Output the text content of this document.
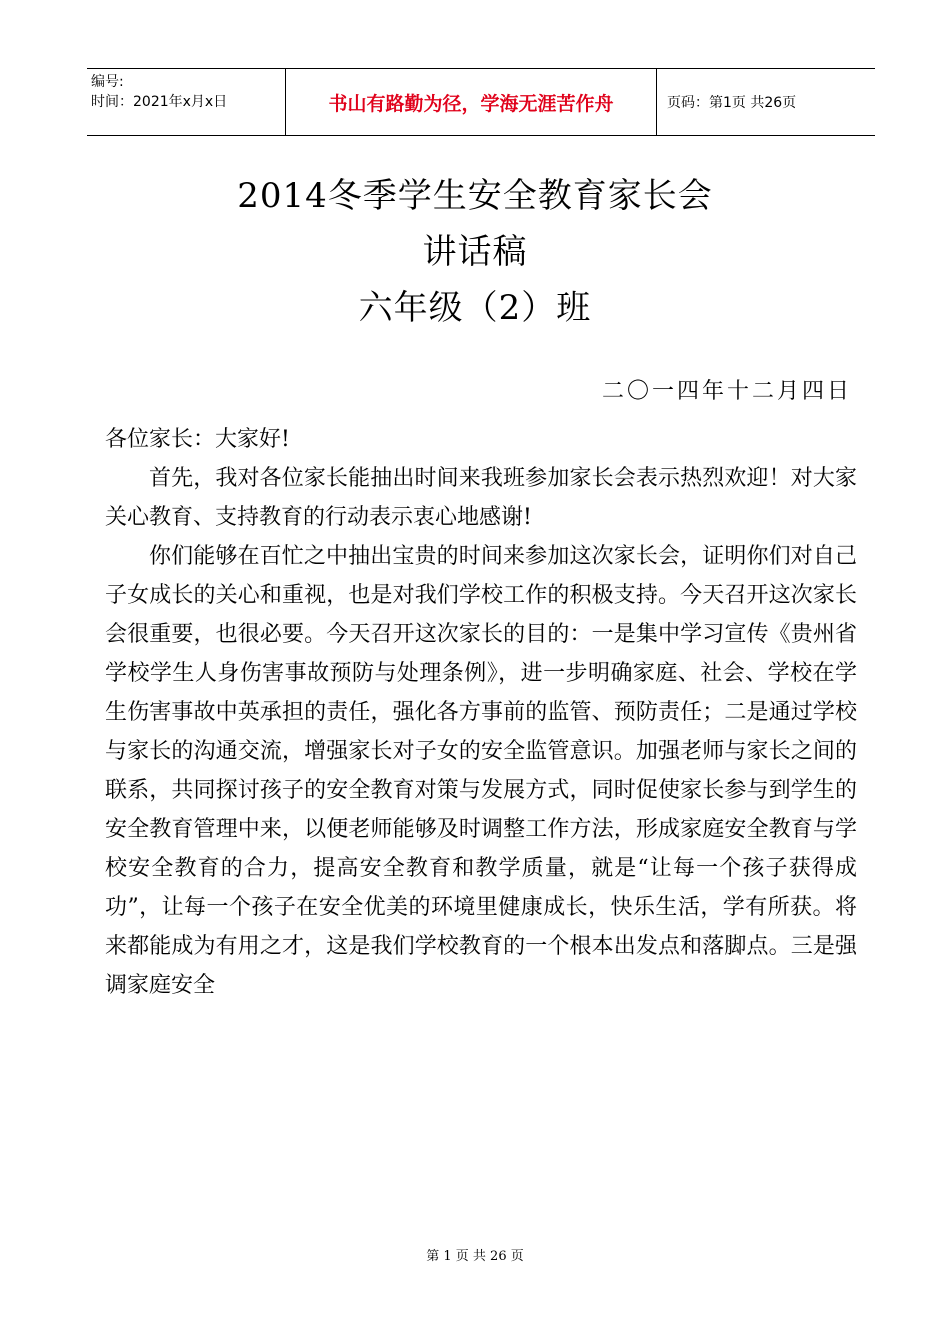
编号:
时间：2021年x月x日	书山有路勤为径，学海无涯苦作舟	页码：第1页 共26页
2014冬季学生安全教育家长会
讲话稿
六年级（2）班
二〇一四年十二月四日

各位家长：大家好!

首先，我对各位家长能抽出时间来我班参加家长会表示热烈欢迎！对大家关心教育、支持教育的行动表示衷心地感谢!

你们能够在百忙之中抽出宝贵的时间来参加这次家长会，证明你们对自己子女成长的关心和重视，也是对我们学校工作的积极支持。今天召开这次家长会很重要，也很必要。今天召开这次家长的目的：一是集中学习宣传《贵州省学校学生人身伤害事故预防与处理条例》，进一步明确家庭、社会、学校在学生伤害事故中英承担的责任，强化各方事前的监管、预防责任；二是通过学校与家长的沟通交流，增强家长对子女的安全监管意识。加强老师与家长之间的联系，共同探讨孩子的安全教育对策与发展方式，同时促使家长参与到学生的安全教育管理中来，以便老师能够及时调整工作方法，形成家庭安全教育与学校安全教育的合力，提高安全教育和教学质量，就是“让每一个孩子获得成功”，让每一个孩子在安全优美的环境里健康成长，快乐生活，学有所获。将来都能成为有用之才，这是我们学校教育的一个根本出发点和落脚点。三是强调家庭安全

第 1 页 共 26 页
